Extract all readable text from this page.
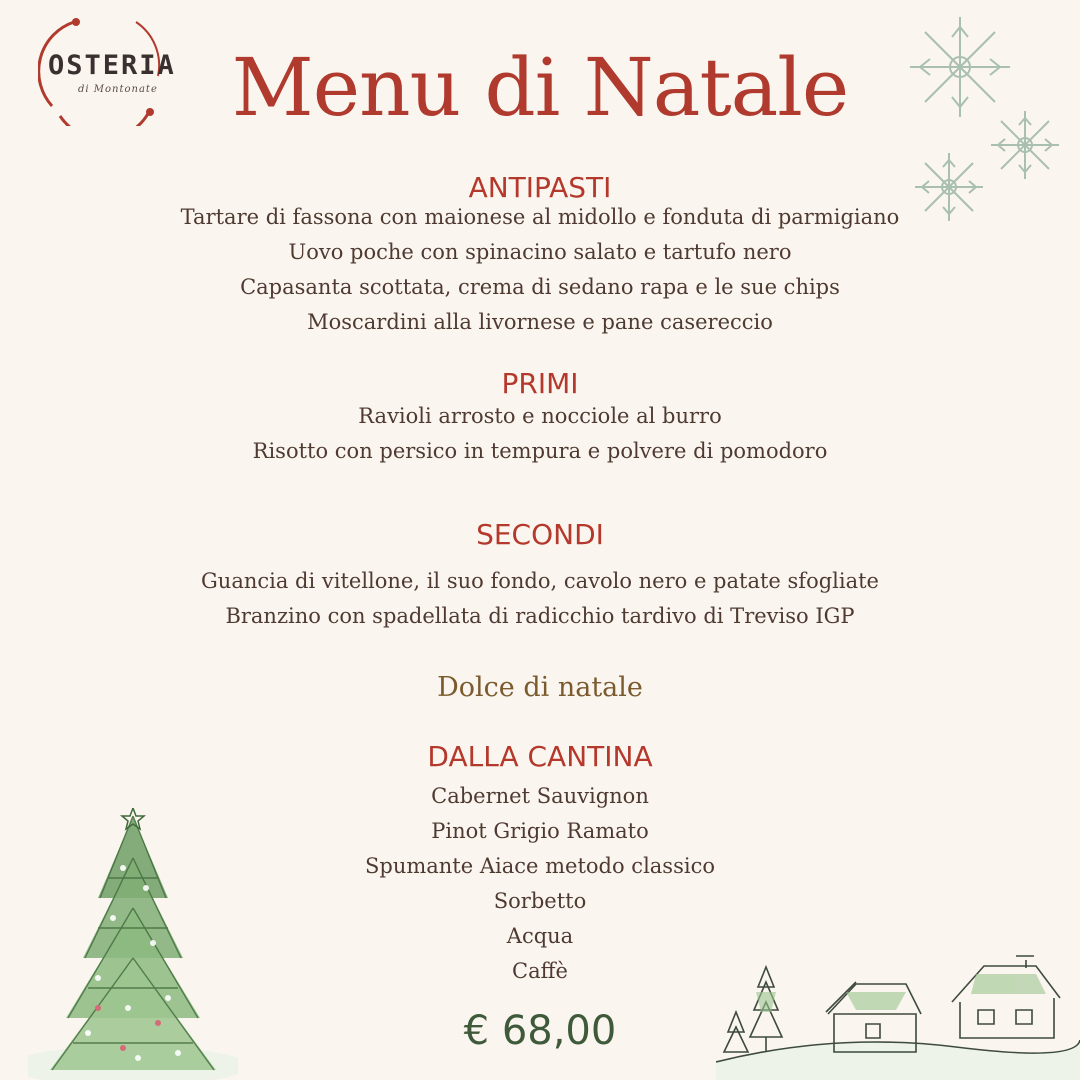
OSTERIA
di Montonate Menu di Natale
ANTIPASTI
Tartare di fassona con maionese al midollo e fonduta di parmigiano
Uovo poche con spinacino salato e tartufo nero
Capasanta scottata, crema di sedano rapa e le sue chips
Moscardini alla livornese e pane casereccio
PRIMI
Ravioli arrosto e nocciole al burro
Risotto con persico in tempura e polvere di pomodoro
SECONDI
Guancia di vitellone, il suo fondo, cavolo nero e patate sfogliate
Branzino con spadellata di radicchio tardivo di Treviso IGP
Dolce di natale
DALLA CANTINA
Cabernet Sauvignon
Pinot Grigio Ramato
Spumante Aiace metodo classico
Sorbetto
Acqua
Caffè
€ 68,00
